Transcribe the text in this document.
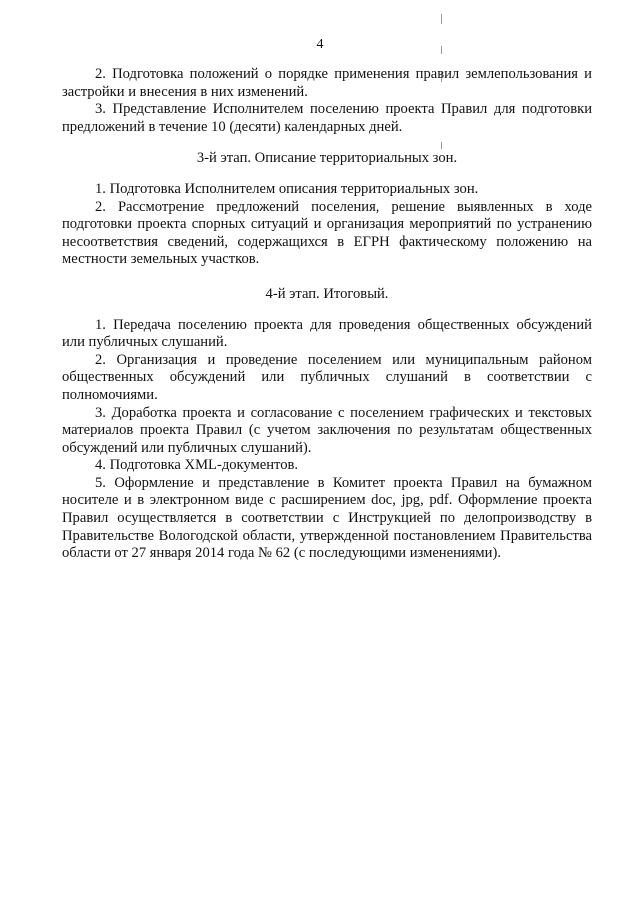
4

2. Подготовка положений о порядке применения правил землепользования и застройки и внесения в них изменений.

3. Представление Исполнителем поселению проекта Правил для подготовки предложений в течение 10 (десяти) календарных дней.

3-й этап. Описание территориальных зон.

1. Подготовка Исполнителем описания территориальных зон.

2. Рассмотрение предложений поселения, решение выявленных в ходе подготовки проекта спорных ситуаций и организация мероприятий по устранению несоответствия сведений, содержащихся в ЕГРН фактическому положению на местности земельных участков.

4-й этап. Итоговый.

1. Передача поселению проекта для проведения общественных обсуждений или публичных слушаний.

2. Организация и проведение поселением или муниципальным районом общественных обсуждений или публичных слушаний в соответствии с полномочиями.

3. Доработка проекта и согласование с поселением графических и текстовых материалов проекта Правил (с учетом заключения по результатам общественных обсуждений или публичных слушаний).

4. Подготовка XML-документов.

5. Оформление и представление в Комитет проекта Правил на бумажном носителе и в электронном виде с расширением doc, jpg, pdf. Оформление проекта Правил осуществляется в соответствии с Инструкцией по делопроизводству в Правительстве Вологодской области, утвержденной постановлением Правительства области от 27 января 2014 года № 62 (с последующими изменениями).
